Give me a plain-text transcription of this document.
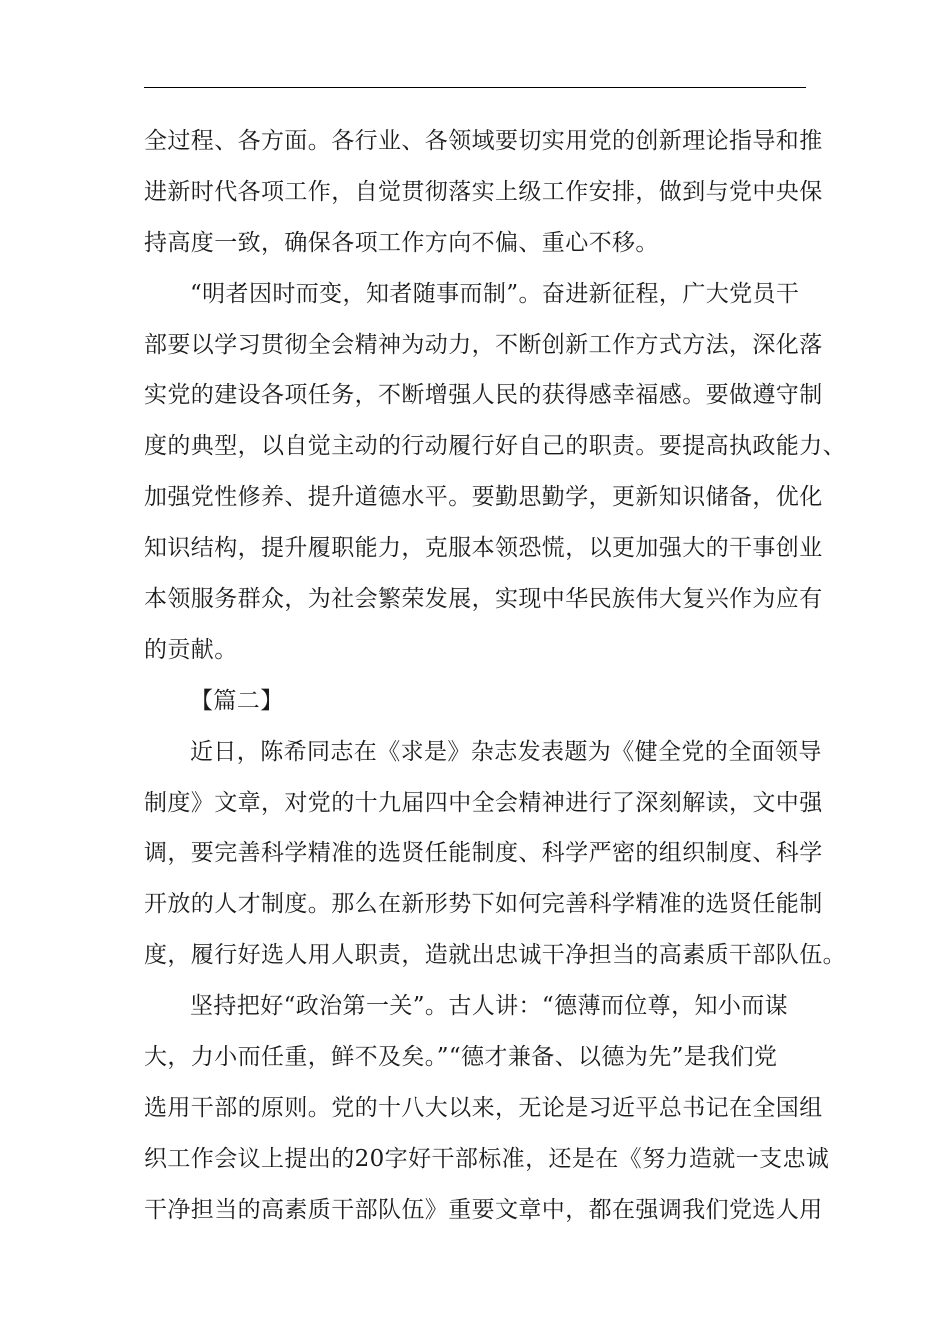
全过程、各方面。各行业、各领域要切实用党的创新理论指导和推
进新时代各项工作，自觉贯彻落实上级工作安排，做到与党中央保
持高度一致，确保各项工作方向不偏、重心不移。
“明者因时而变，知者随事而制”。奋进新征程，广大党员干
部要以学习贯彻全会精神为动力，不断创新工作方式方法，深化落
实党的建设各项任务，不断增强人民的获得感幸福感。要做遵守制
度的典型，以自觉主动的行动履行好自己的职责。要提高执政能力、
加强党性修养、提升道德水平。要勤思勤学，更新知识储备，优化
知识结构，提升履职能力，克服本领恐慌，以更加强大的干事创业
本领服务群众，为社会繁荣发展，实现中华民族伟大复兴作为应有
的贡献。
【篇二】
近日，陈希同志在《求是》杂志发表题为《健全党的全面领导
制度》文章，对党的十九届四中全会精神进行了深刻解读，文中强
调，要完善科学精准的选贤任能制度、科学严密的组织制度、科学
开放的人才制度。那么在新形势下如何完善科学精准的选贤任能制
度，履行好选人用人职责，造就出忠诚干净担当的高素质干部队伍。
坚持把好“政治第一关”。古人讲：“德薄而位尊，知小而谋
大，力小而任重，鲜不及矣。”“德才兼备、以德为先”是我们党
选用干部的原则。党的十八大以来，无论是习近平总书记在全国组
织工作会议上提出的20字好干部标准，还是在《努力造就一支忠诚
干净担当的高素质干部队伍》重要文章中，都在强调我们党选人用
